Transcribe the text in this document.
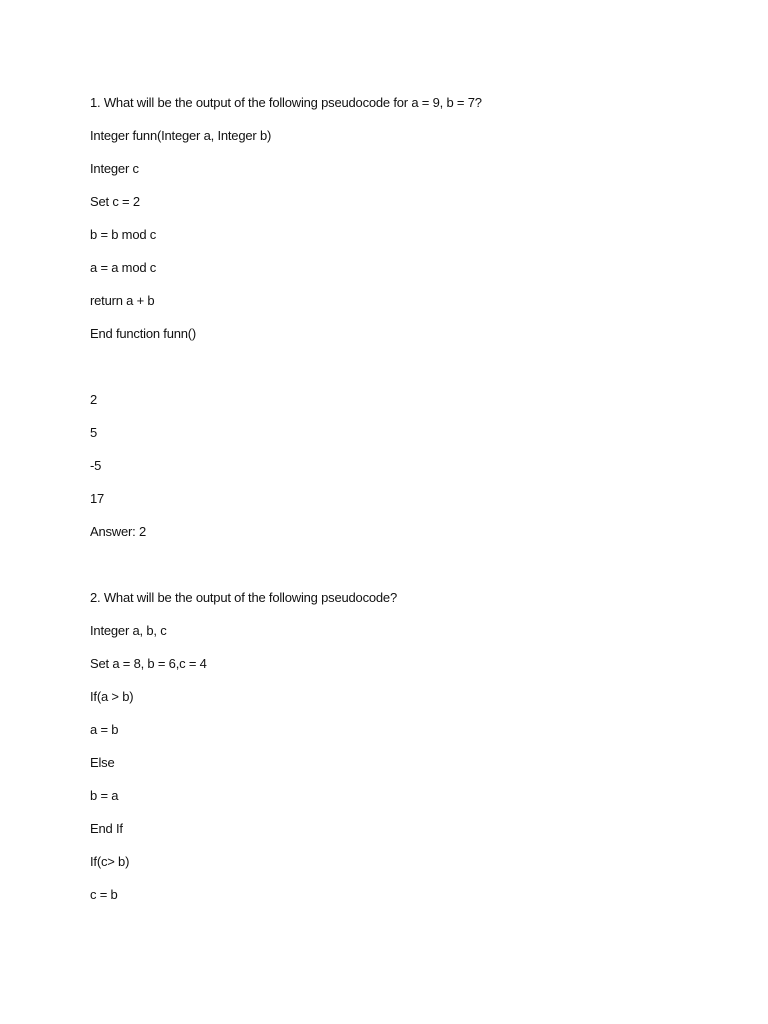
1. What will be the output of the following pseudocode for a = 9, b = 7?
Integer funn(Integer a, Integer b)
Integer c
Set c = 2
b = b mod c
a = a mod c
return a + b
End function funn()
2
5
-5
17
Answer: 2
2. What will be the output of the following pseudocode?
Integer a, b, c
Set a = 8, b = 6,c = 4
If(a > b)
a = b
Else
b = a
End If
If(c> b)
c = b
